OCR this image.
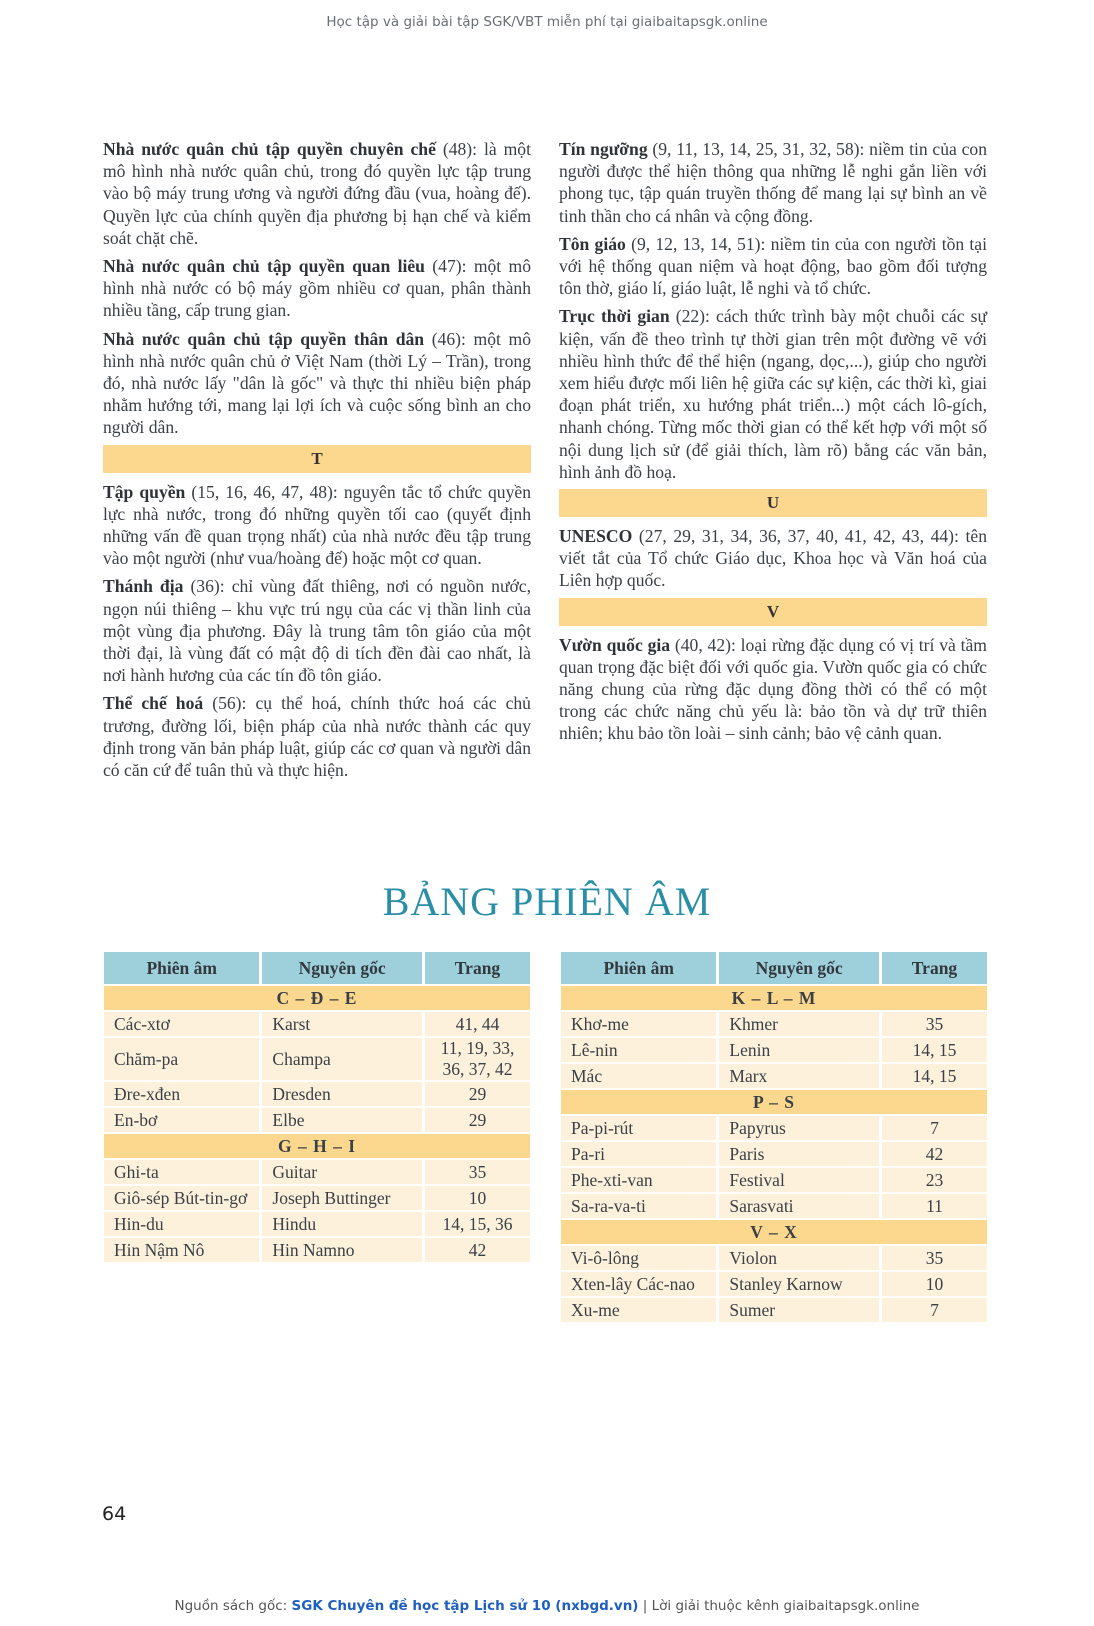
Học tập và giải bài tập SGK/VBT miễn phí tại giaibaitapsgk.online

Nhà nước quân chủ tập quyền chuyên chế (48): là một mô hình nhà nước quân chủ, trong đó quyền lực tập trung vào bộ máy trung ương và người đứng đầu (vua, hoàng đế). Quyền lực của chính quyền địa phương bị hạn chế và kiểm soát chặt chẽ.

Nhà nước quân chủ tập quyền quan liêu (47): một mô hình nhà nước có bộ máy gồm nhiều cơ quan, phân thành nhiều tầng, cấp trung gian.

Nhà nước quân chủ tập quyền thân dân (46): một mô hình nhà nước quân chủ ở Việt Nam (thời Lý – Trần), trong đó, nhà nước lấy "dân là gốc" và thực thi nhiều biện pháp nhằm hướng tới, mang lại lợi ích và cuộc sống bình an cho người dân.

T

Tập quyền (15, 16, 46, 47, 48): nguyên tắc tổ chức quyền lực nhà nước, trong đó những quyền tối cao (quyết định những vấn đề quan trọng nhất) của nhà nước đều tập trung vào một người (như vua/hoàng đế) hoặc một cơ quan.

Thánh địa (36): chỉ vùng đất thiêng, nơi có nguồn nước, ngọn núi thiêng – khu vực trú ngụ của các vị thần linh của một vùng địa phương. Đây là trung tâm tôn giáo của một thời đại, là vùng đất có mật độ di tích đền đài cao nhất, là nơi hành hương của các tín đồ tôn giáo.

Thể chế hoá (56): cụ thể hoá, chính thức hoá các chủ trương, đường lối, biện pháp của nhà nước thành các quy định trong văn bản pháp luật, giúp các cơ quan và người dân có căn cứ để tuân thủ và thực hiện.

Tín ngưỡng (9, 11, 13, 14, 25, 31, 32, 58): niềm tin của con người được thể hiện thông qua những lễ nghi gắn liền với phong tục, tập quán truyền thống để mang lại sự bình an về tinh thần cho cá nhân và cộng đồng.

Tôn giáo (9, 12, 13, 14, 51): niềm tin của con người tồn tại với hệ thống quan niệm và hoạt động, bao gồm đối tượng tôn thờ, giáo lí, giáo luật, lễ nghi và tổ chức.

Trục thời gian (22): cách thức trình bày một chuỗi các sự kiện, vấn đề theo trình tự thời gian trên một đường vẽ với nhiều hình thức để thể hiện (ngang, dọc,...), giúp cho người xem hiểu được mối liên hệ giữa các sự kiện, các thời kì, giai đoạn phát triển, xu hướng phát triển...) một cách lô-gích, nhanh chóng. Từng mốc thời gian có thể kết hợp với một số nội dung lịch sử (để giải thích, làm rõ) bằng các văn bản, hình ảnh đồ hoạ.

U

UNESCO (27, 29, 31, 34, 36, 37, 40, 41, 42, 43, 44): tên viết tắt của Tổ chức Giáo dục, Khoa học và Văn hoá của Liên hợp quốc.

V

Vườn quốc gia (40, 42): loại rừng đặc dụng có vị trí và tầm quan trọng đặc biệt đối với quốc gia. Vườn quốc gia có chức năng chung của rừng đặc dụng đồng thời có thể có một trong các chức năng chủ yếu là: bảo tồn và dự trữ thiên nhiên; khu bảo tồn loài – sinh cảnh; bảo vệ cảnh quan.

BẢNG PHIÊN ÂM
Phiên âm	Nguyên gốc	Trang
C – Đ – E		
Các-xtơ	Karst	41, 44
Chăm-pa	Champa	11, 19, 33, 36, 37, 42
Đre-xđen	Dresden	29
En-bơ	Elbe	29
G – H – I		
Ghi-ta	Guitar	35
Giô-sép Bút-tin-gơ	Joseph Buttinger	10
Hin-du	Hindu	14, 15, 36
Hin Nậm Nô	Hin Namno	42
Phiên âm	Nguyên gốc	Trang
K – L – M		
Khơ-me	Khmer	35
Lê-nin	Lenin	14, 15
Mác	Marx	14, 15
P – S		
Pa-pi-rút	Papyrus	7
Pa-ri	Paris	42
Phe-xti-van	Festival	23
Sa-ra-va-ti	Sarasvati	11
V – X		
Vi-ô-lông	Violon	35
Xten-lây Các-nao	Stanley Karnow	10
Xu-me	Sumer	7
64
Nguồn sách gốc: SGK Chuyên đề học tập Lịch sử 10 (nxbgd.vn) | Lời giải thuộc kênh giaibaitapsgk.online
